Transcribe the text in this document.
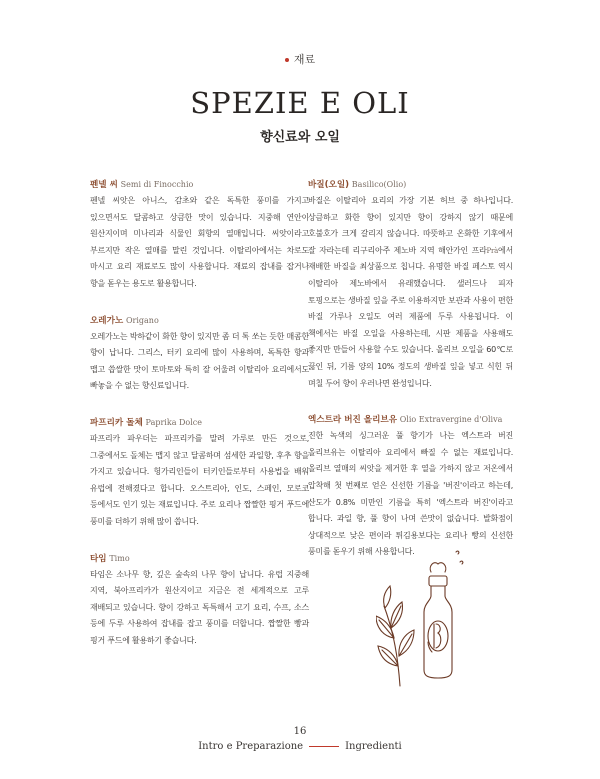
재료
SPEZIE E OLI
향신료와 오일

펜넬 씨 Semi di Finocchio

펜넬 씨앗은 아니스, 감초와 같은 독특한 풍미를 가지고 있으면서도 달콤하고 상큼한 맛이 있습니다. 지중해 연안이 원산지이며 미나리과 식물인 회향의 열매입니다. 씨앗이라고 부르지만 작은 열매를 말린 것입니다. 이탈리아에서는 차로도 마시고 요리 재료로도 많이 사용합니다. 재료의 잡내를 잡거나 향을 돋우는 용도로 활용합니다.

오레가노 Origano

오레가노는 박하같이 화한 향이 있지만 좀 더 톡 쏘는 듯한 매콤한 향이 납니다. 그리스, 터키 요리에 많이 사용하며, 독특한 향과 맵고 씁쌀한 맛이 토마토와 특히 잘 어울려 이탈리아 요리에서도 빠놓을 수 없는 향신료입니다.

파프리카 돌체 Paprika Dolce

파프리카 파우더는 파프리카를 말려 가루로 만든 것으로, 그중에서도 돌체는 맵지 않고 달콤하며 섬세한 과일향, 후추 향을 가지고 있습니다. 헝가리인들이 터키인들로부터 사용법을 배워 유럽에 전해졌다고 합니다. 오스트리아, 인도, 스페인, 모로코 등에서도 인기 있는 재료입니다. 주로 요리나 짭짤한 핑거 푸드에 풍미를 더하기 위해 많이 씁니다.

타임 Timo

타임은 소나무 향, 깊은 숲속의 나무 향이 납니다. 유럽 지중해 지역, 북아프리카가 원산지이고 지금은 전 세계적으로 고루 재배되고 있습니다. 향이 강하고 독특해서 고기 요리, 수프, 소스 등에 두루 사용하여 잡내를 잡고 풍미를 더합니다. 짭짤한 빵과 핑거 푸드에 활용하기 좋습니다.

바질(오일) Basilico(Olio)

바질은 이탈리아 요리의 가장 기본 허브 중 하나입니다. 상큼하고 화한 향이 있지만 향이 강하지 않기 때문에 호불호가 크게 갈리지 않습니다. 따뜻하고 온화한 기후에서 잘 자라는데 리구리아주 제노바 지역 해안가인 프라Prà에서 재배한 바질을 최상품으로 칩니다. 유명한 바질 페스토 역시 이탈리아 제노바에서 유래했습니다. 샐러드나 피자 토핑으로는 생바질 잎을 주로 이용하지만 보관과 사용이 편한 바질 가루나 오일도 여러 제품에 두루 사용됩니다. 이 책에서는 바질 오일을 사용하는데, 시판 제품을 사용해도 좋지만 만들어 사용할 수도 있습니다. 올리브 오일을 60℃로 끓인 뒤, 기름 양의 10% 정도의 생바질 잎을 넣고 식힌 뒤 며칠 두어 향이 우러나면 완성입니다.

엑스트라 버진 올리브유 Olio Extravergine d'Oliva

진한 녹색의 싱그러운 풀 향기가 나는 엑스트라 버진 올리브유는 이탈리아 요리에서 빠질 수 없는 재료입니다. 올리브 열매의 씨앗을 제거한 후 열을 가하지 않고 저온에서 압착해 첫 번째로 얻은 신선한 기름을 '버진'이라고 하는데, 산도가 0.8% 미만인 기름을 특히 '엑스트라 버진'이라고 합니다. 과일 향, 풀 향이 나며 쓴맛이 없습니다. 발화점이 상대적으로 낮은 편이라 튀김용보다는 요리나 빵의 신선한 풍미를 돋우기 위해 사용합니다.

16
Intro e Preparazione	Ingredienti
